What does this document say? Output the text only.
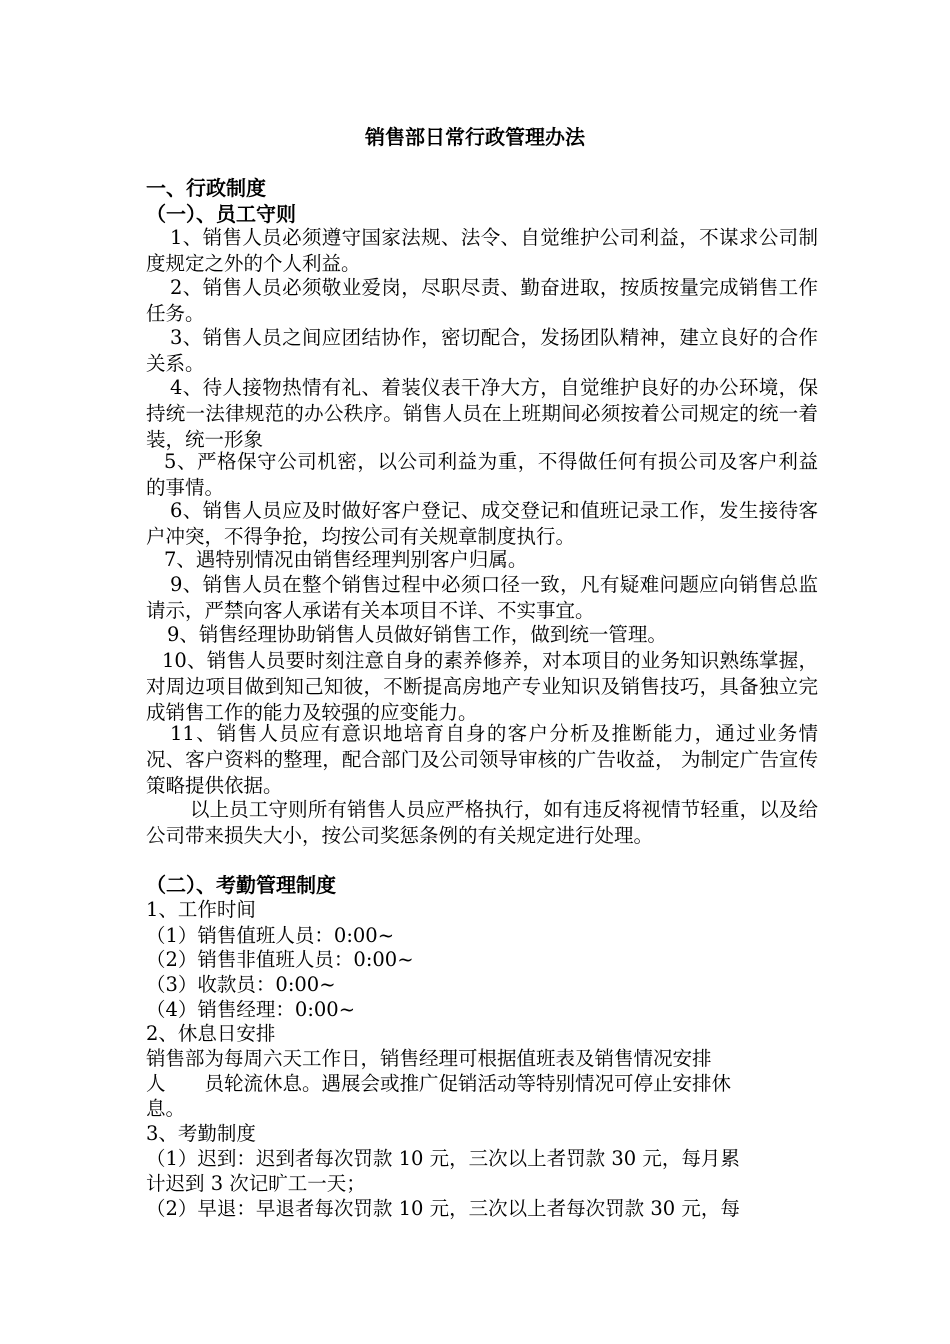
销售部日常行政管理办法
一、行政制度
（一）、员工守则
1、销售人员必须遵守国家法规、法令、自觉维护公司利益，不谋求公司制度规定之外的个人利益。
2、销售人员必须敬业爱岗，尽职尽责、勤奋进取，按质按量完成销售工作任务。
3、销售人员之间应团结协作，密切配合，发扬团队精神，建立良好的合作关系。
4、待人接物热情有礼、着装仪表干净大方，自觉维护良好的办公环境，保持统一法律规范的办公秩序。销售人员在上班期间必须按着公司规定的统一着装，统一形象
5、严格保守公司机密，以公司利益为重，不得做任何有损公司及客户利益的事情。
6、销售人员应及时做好客户登记、成交登记和值班记录工作，发生接待客户冲突，不得争抢，均按公司有关规章制度执行。
7、遇特别情况由销售经理判别客户归属。
9、销售人员在整个销售过程中必须口径一致，凡有疑难问题应向销售总监请示，严禁向客人承诺有关本项目不详、不实事宜。
9、销售经理协助销售人员做好销售工作，做到统一管理。
10、销售人员要时刻注意自身的素养修养，对本项目的业务知识熟练掌握，对周边项目做到知己知彼，不断提高房地产专业知识及销售技巧，具备独立完成销售工作的能力及较强的应变能力。
11、销售人员应有意识地培育自身的客户分析及推断能力，通过业务情况、客户资料的整理，配合部门及公司领导审核的广告收益， 为制定广告宣传策略提供依据。
以上员工守则所有销售人员应严格执行，如有违反将视情节轻重，以及给公司带来损失大小，按公司奖惩条例的有关规定进行处理。
（二）、考勤管理制度
1、工作时间
（1）销售值班人员：0:00~
（2）销售非值班人员：0:00~
（3）收款员：0:00~
（4）销售经理：0:00~
2、休息日安排
销售部为每周六天工作日，销售经理可根据值班表及销售情况安排
人　　员轮流休息。遇展会或推广促销活动等特别情况可停止安排休
息。
3、考勤制度
（1）迟到：迟到者每次罚款 10 元，三次以上者罚款 30 元，每月累
计迟到 3 次记旷工一天；
（2）早退：早退者每次罚款 10 元，三次以上者每次罚款 30 元，每
